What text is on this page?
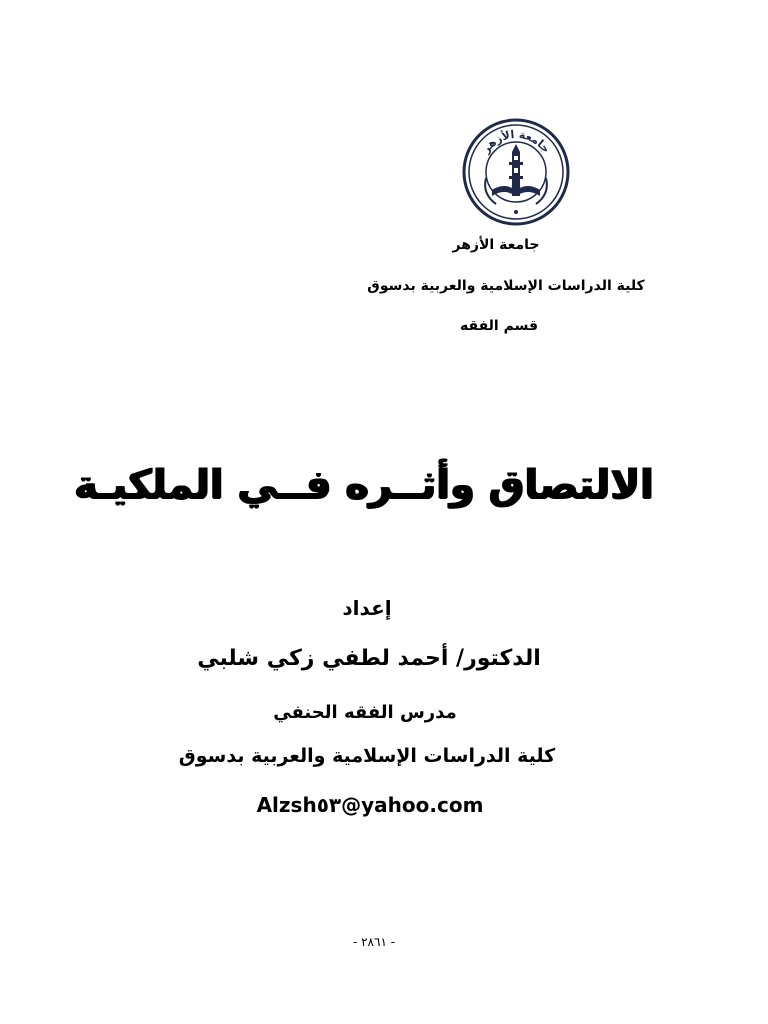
جامعة الأزهر
جامعة الأزهر
كلية الدراسات الإسلامية والعربية بدسوق
قسم الفقه
الالتصاق وأثــره فــي الملكيـة
إعداد
الدكتور/ أحمد لطفي زكي شلبي
مدرس الفقه الحنفي
كلية الدراسات الإسلامية والعربية بدسوق
Alzsh٥٣@yahoo.com
- ٢٨٦١ -
